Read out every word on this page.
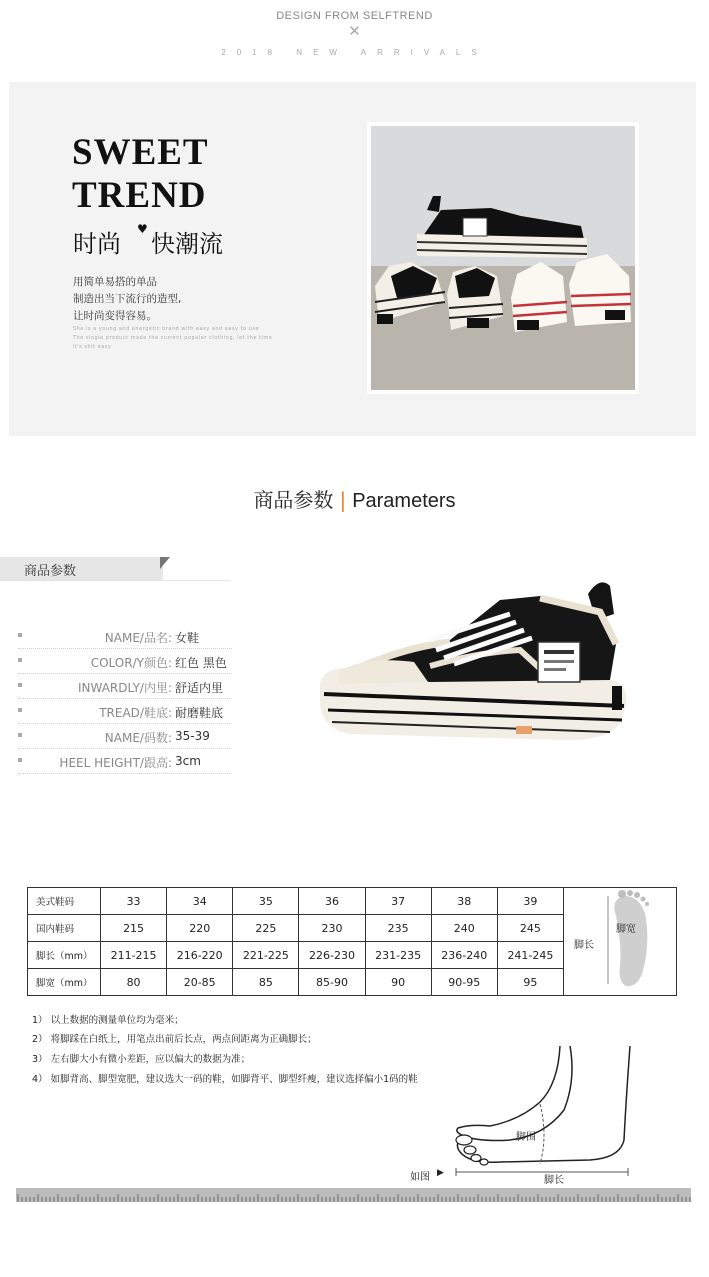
DESIGN FROM SELFTREND
✕
2018 NEW ARRIVALS
SWEET
TREND
时尚
♥
快潮流
用简单易搭的单品
制造出当下流行的造型,
让时尚变得容易。
She is a young and energetic brand with easy and easy to use
The single product made the current popular clothing, let the time
it's shit easy
商品参数 | Parameters
商品参数
NAME/品名: 女鞋
COLOR/Y颜色: 红色 黑色
INWARDLY/内里: 舒适内里
TREAD/鞋底: 耐磨鞋底
NAME/码数: 35-39
HEEL HEIGHT/跟高: 3cm
美式鞋码	33	34	35	36	37	38	39	脚宽
脚长

国内鞋码	215	220	225	230	235	240	245	
脚长（mm）	211-215	216-220	221-225	226-230	231-235	236-240	241-245	
脚宽（mm）	80	20-85	85	85-90	90	90-95	95	
1） 以上数据的测量单位均为毫米；
2） 将脚踩在白纸上，用笔点出前后长点，两点间距离为正确脚长；
3） 左右脚大小有微小差距，应以偏大的数据为准；
4） 如脚背高、脚型宽肥，建议选大一码的鞋，如脚背平、脚型纤瘦，建议选择偏小1码的鞋
脚围
脚长
如图 ▶
